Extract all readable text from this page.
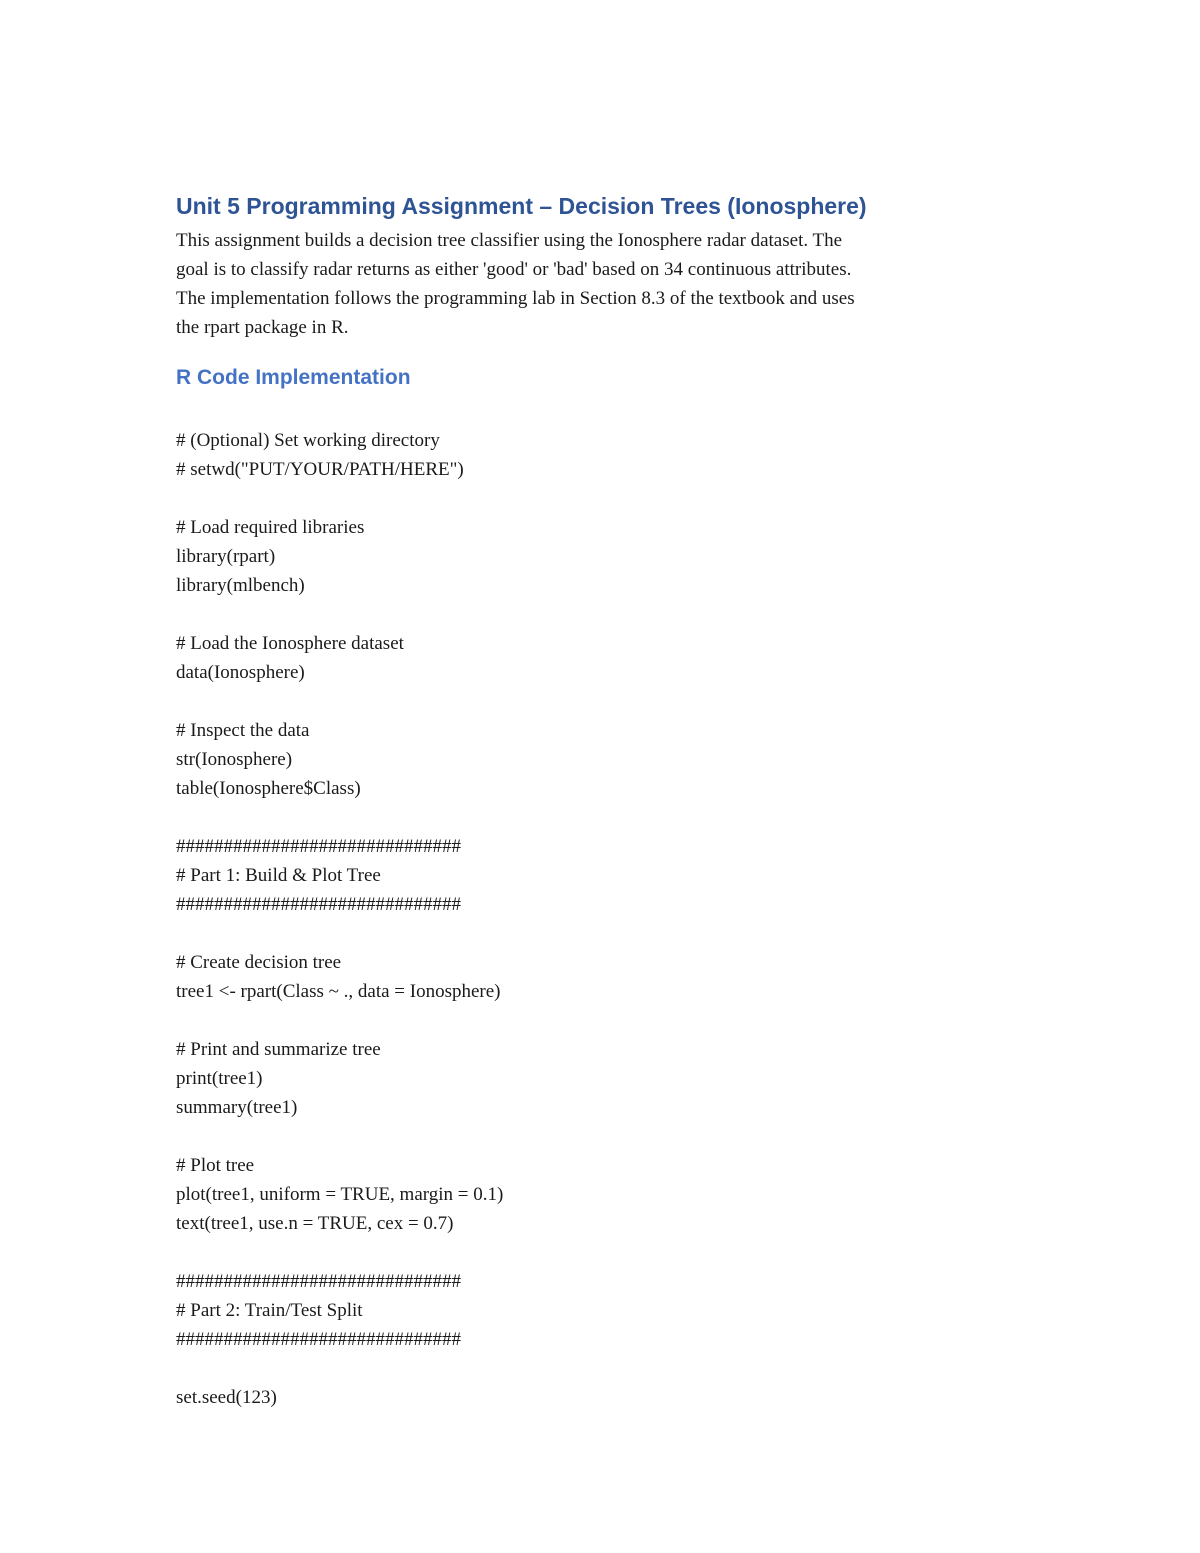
Unit 5 Programming Assignment – Decision Trees (Ionosphere)

This assignment builds a decision tree classifier using the Ionosphere radar dataset. The
goal is to classify radar returns as either 'good' or 'bad' based on 34 continuous attributes.
The implementation follows the programming lab in Section 8.3 of the textbook and uses
the rpart package in R.

R Code Implementation
# (Optional) Set working directory
# setwd("PUT/YOUR/PATH/HERE")
# Load required libraries
library(rpart)
library(mlbench)
# Load the Ionosphere dataset
data(Ionosphere)
# Inspect the data
str(Ionosphere)
table(Ionosphere$Class)
##############################
# Part 1: Build & Plot Tree
##############################
# Create decision tree
tree1 <- rpart(Class ~ ., data = Ionosphere)
# Print and summarize tree
print(tree1)
summary(tree1)
# Plot tree
plot(tree1, uniform = TRUE, margin = 0.1)
text(tree1, use.n = TRUE, cex = 0.7)
##############################
# Part 2: Train/Test Split
##############################
set.seed(123)
